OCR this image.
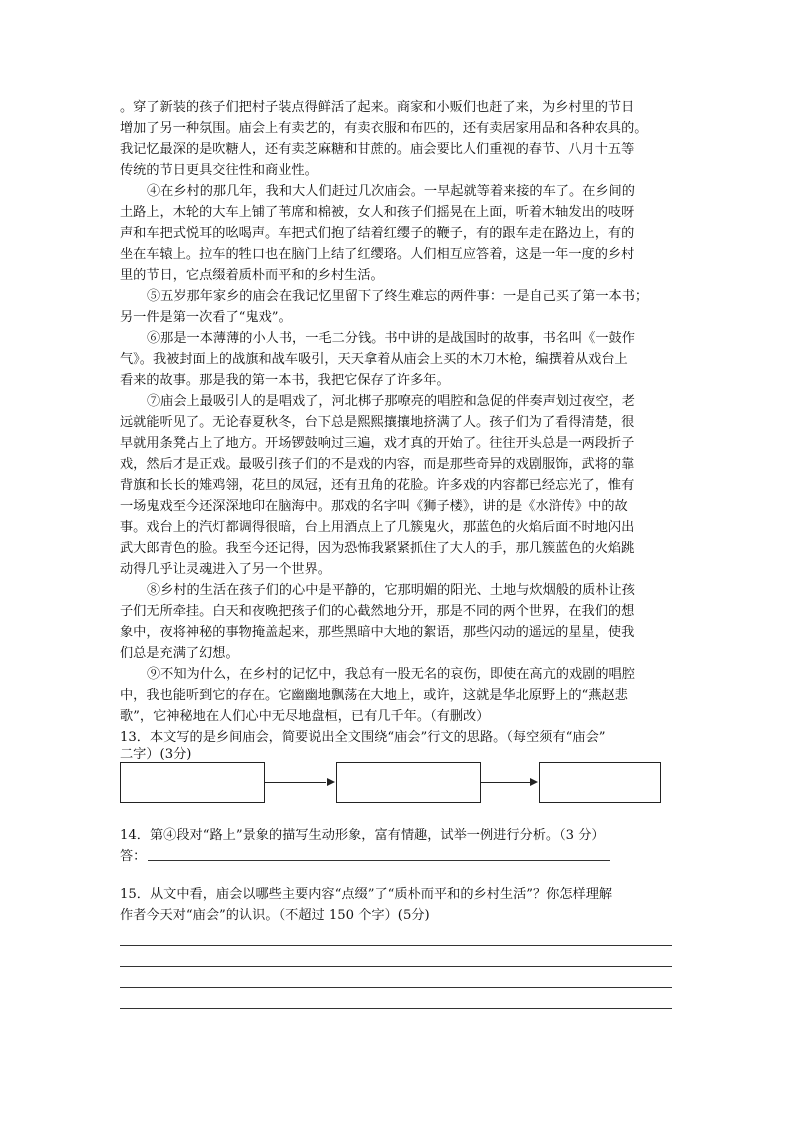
。穿了新装的孩子们把村子装点得鲜活了起来。商家和小贩们也赶了来，为乡村里的节日
增加了另一种氛围。庙会上有卖艺的，有卖衣服和布匹的，还有卖居家用品和各种农具的。
我记忆最深的是吹糖人，还有卖芝麻糖和甘蔗的。庙会要比人们重视的春节、八月十五等
传统的节日更具交往性和商业性。
④在乡村的那几年，我和大人们赶过几次庙会。一早起就等着来接的车了。在乡间的
土路上，木轮的大车上铺了苇席和棉被，女人和孩子们摇晃在上面，听着木轴发出的吱呀
声和车把式悦耳的吆喝声。车把式们抱了结着红缨子的鞭子，有的跟车走在路边上，有的
坐在车辕上。拉车的牲口也在脑门上结了红缨珞。人们相互应答着，这是一年一度的乡村
里的节日，它点缀着质朴而平和的乡村生活。
⑤五岁那年家乡的庙会在我记忆里留下了终生难忘的两件事：一是自己买了第一本书；
另一件是第一次看了“鬼戏”。
⑥那是一本薄薄的小人书，一毛二分钱。书中讲的是战国时的故事，书名叫《一鼓作
气》。我被封面上的战旗和战车吸引，天天拿着从庙会上买的木刀木枪，编撰着从戏台上
看来的故事。那是我的第一本书，我把它保存了许多年。
⑦庙会上最吸引人的是唱戏了，河北梆子那嘹亮的唱腔和急促的伴奏声划过夜空，老
远就能听见了。无论春夏秋冬，台下总是熙熙攘攘地挤满了人。孩子们为了看得清楚，很
早就用条凳占上了地方。开场锣鼓响过三遍，戏才真的开始了。往往开头总是一两段折子
戏，然后才是正戏。最吸引孩子们的不是戏的内容，而是那些奇异的戏剧服饰，武将的靠
背旗和长长的雉鸡翎，花旦的凤冠，还有丑角的花脸。许多戏的内容都已经忘光了，惟有
一场鬼戏至今还深深地印在脑海中。那戏的名字叫《狮子楼》，讲的是《水浒传》中的故
事。戏台上的汽灯都调得很暗，台上用酒点上了几簇鬼火，那蓝色的火焰后面不时地闪出
武大郎青色的脸。我至今还记得，因为恐怖我紧紧抓住了大人的手，那几簇蓝色的火焰跳
动得几乎让灵魂进入了另一个世界。
⑧乡村的生活在孩子们的心中是平静的，它那明媚的阳光、土地与炊烟般的质朴让孩
子们无所牵挂。白天和夜晚把孩子们的心截然地分开，那是不同的两个世界，在我们的想
象中，夜将神秘的事物掩盖起来，那些黑暗中大地的絮语，那些闪动的遥远的星星，使我
们总是充满了幻想。
⑨不知为什么，在乡村的记忆中，我总有一股无名的哀伤，即使在高亢的戏剧的唱腔
中，我也能听到它的存在。它幽幽地飘荡在大地上，或许，这就是华北原野上的“燕赵悲
歌”，它神秘地在人们心中无尽地盘桓，已有几千年。（有删改）
13．本文写的是乡间庙会，简要说出全文围绕“庙会”行文的思路。（每空须有“庙会”
二字）(3分)
14．第④段对“路上”景象的描写生动形象，富有情趣，试举一例进行分析。（3 分）
答：
15．从文中看，庙会以哪些主要内容“点缀”了“质朴而平和的乡村生活”？你怎样理解
作者今天对“庙会”的认识。（不超过 150 个字）(5分)
